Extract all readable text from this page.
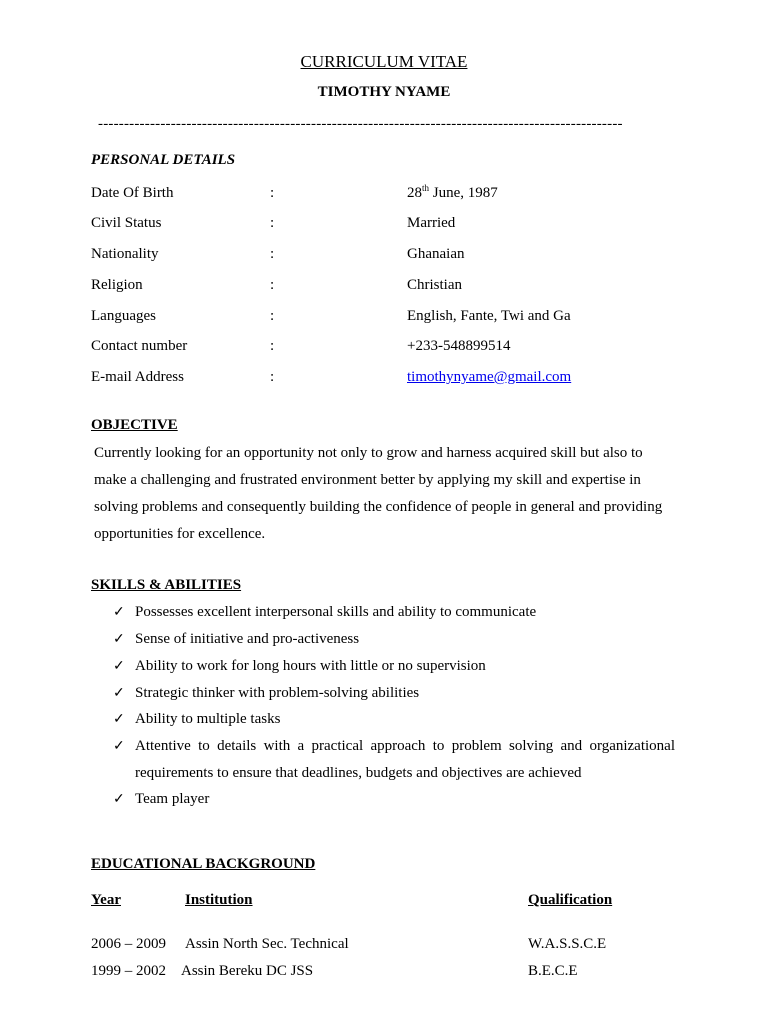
CURRICULUM VITAE
TIMOTHY NYAME
-----------------------------------------------------------------------------------------------------
PERSONAL DETAILS
Date Of Birth	:	28th June, 1987
Civil Status	:	Married
Nationality	:	Ghanaian
Religion	:	Christian
Languages	:	English, Fante, Twi and Ga
Contact number	:	+233-548899514
E-mail Address	:	timothynyame@gmail.com
OBJECTIVE
Currently looking for an opportunity not only to grow and harness acquired skill but also to make a challenging and frustrated environment better by applying my skill and expertise in solving problems and consequently building the confidence of people in general and providing opportunities for excellence.
SKILLS & ABILITIES
✓ Possesses excellent interpersonal skills and ability to communicate
✓ Sense of initiative and pro-activeness
✓ Ability to work for long hours with little or no supervision
✓ Strategic thinker with problem-solving abilities
✓ Ability to multiple tasks
✓ Attentive to details with a practical approach to problem solving and organizational requirements to ensure that deadlines, budgets and objectives are achieved
✓ Team player
EDUCATIONAL BACKGROUND
Year	Institution	Qualification
2006 – 2009 Assin North Sec. Technical	W.A.S.S.C.E
1999 – 2002 Assin Bereku DC JSS	B.E.C.E
